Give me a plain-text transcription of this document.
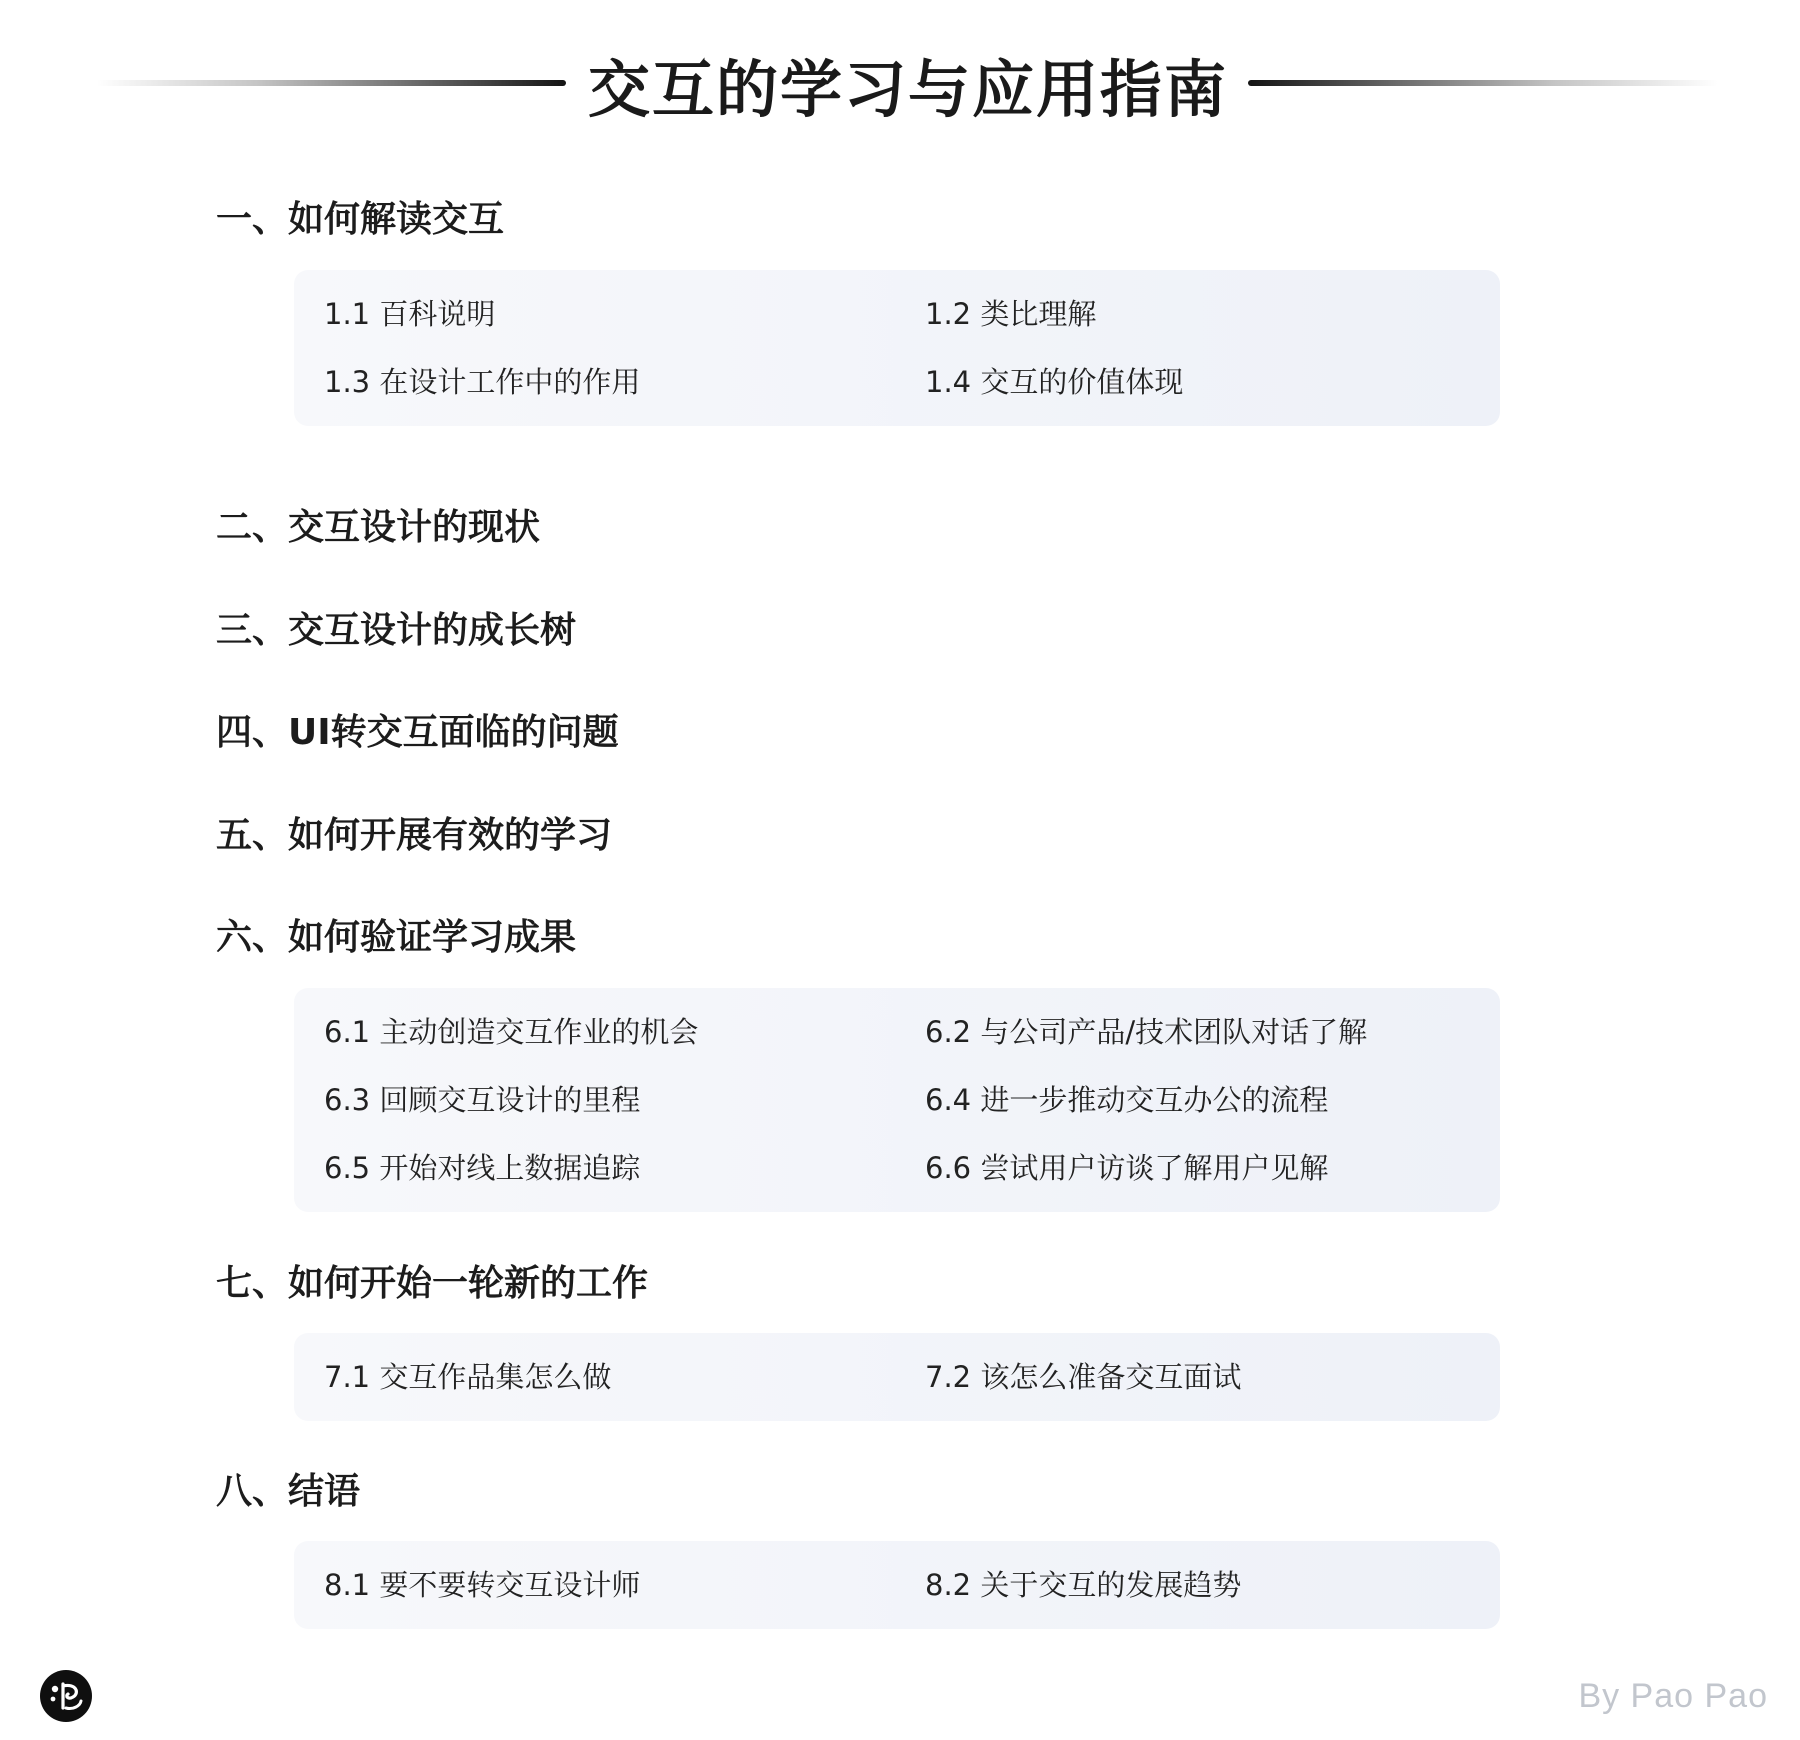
交互的学习与应用指南
一、如何解读交互
1.1 百科说明	1.2 类比理解
1.3 在设计工作中的作用	1.4 交互的价值体现
二、交互设计的现状
三、交互设计的成长树
四、UI转交互面临的问题
五、如何开展有效的学习
六、如何验证学习成果
6.1 主动创造交互作业的机会	6.2 与公司产品/技术团队对话了解
6.3 回顾交互设计的里程	6.4 进一步推动交互办公的流程
6.5 开始对线上数据追踪	6.6 尝试用户访谈了解用户见解
七、如何开始一轮新的工作
7.1 交互作品集怎么做	7.2 该怎么准备交互面试
八、结语
8.1 要不要转交互设计师	8.2 关于交互的发展趋势
By Pao Pao
